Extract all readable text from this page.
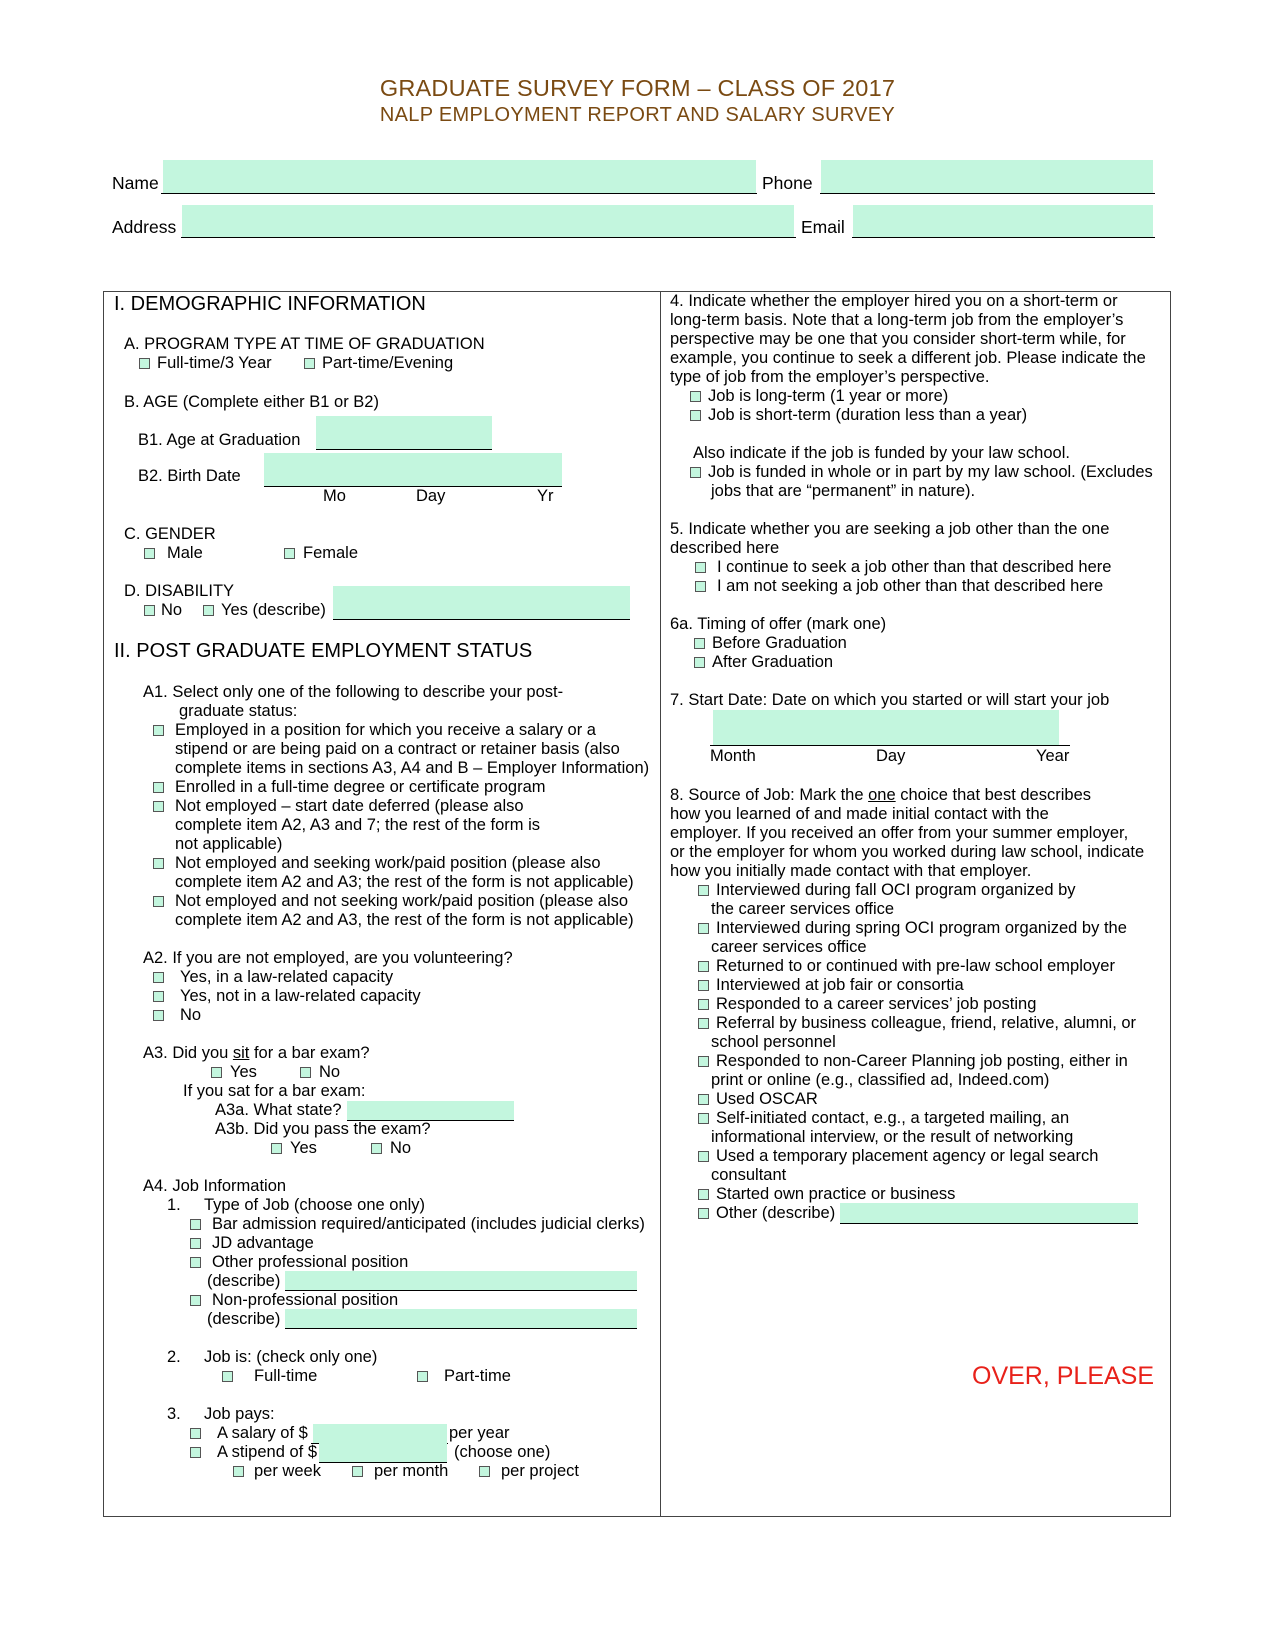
GRADUATE SURVEY FORM – CLASS OF 2017
NALP EMPLOYMENT REPORT AND SALARY SURVEY
Name	Phone
Address	Email
I. DEMOGRAPHIC INFORMATION
A. PROGRAM TYPE AT TIME OF GRADUATION
Full-time/3 Year	Part-time/Evening
B. AGE (Complete either B1 or B2)
B1. Age at Graduation
B2. Birth Date
Mo	Day	Yr
C. GENDER
Male	Female
D. DISABILITY
No Yes (describe)
II. POST GRADUATE EMPLOYMENT STATUS
A1. Select only one of the following to describe your post-
graduate status:
Employed in a position for which you receive a salary or a
stipend or are being paid on a contract or retainer basis (also
complete items in sections A3, A4 and B – Employer Information)
Enrolled in a full-time degree or certificate program
Not employed – start date deferred (please also
complete item A2, A3 and 7; the rest of the form is
not applicable)
Not employed and seeking work/paid position (please also
complete item A2 and A3; the rest of the form is not applicable)
Not employed and not seeking work/paid position (please also
complete item A2 and A3, the rest of the form is not applicable)
A2. If you are not employed, are you volunteering?
Yes, in a law-related capacity
Yes, not in a law-related capacity
No
A3. Did you sit for a bar exam?
Yes	No
If you sat for a bar exam:
A3a. What state?
A3b. Did you pass the exam?
Yes	No
A4. Job Information
1. Type of Job (choose one only)
Bar admission required/anticipated (includes judicial clerks)
JD advantage
Other professional position
(describe)
Non-professional position
(describe)
2. Job is: (check only one)
Full-time	Part-time
3. Job pays:
A salary of $	per year
A stipend of $	(choose one)
per week	per month	per project
4. Indicate whether the employer hired you on a short-term or
long-term basis. Note that a long-term job from the employer’s
perspective may be one that you consider short-term while, for
example, you continue to seek a different job. Please indicate the
type of job from the employer’s perspective.
Job is long-term (1 year or more)
Job is short-term (duration less than a year)
Also indicate if the job is funded by your law school.
Job is funded in whole or in part by my law school. (Excludes
jobs that are “permanent” in nature).
5. Indicate whether you are seeking a job other than the one
described here
I continue to seek a job other than that described here
I am not seeking a job other than that described here
6a. Timing of offer (mark one)
Before Graduation
After Graduation
7. Start Date: Date on which you started or will start your job
Month	Day	Year
8. Source of Job: Mark the one choice that best describes
how you learned of and made initial contact with the
employer. If you received an offer from your summer employer,
or the employer for whom you worked during law school, indicate
how you initially made contact with that employer.
Interviewed during fall OCI program organized by
the career services office
Interviewed during spring OCI program organized by the
career services office
Returned to or continued with pre-law school employer
Interviewed at job fair or consortia
Responded to a career services’ job posting
Referral by business colleague, friend, relative, alumni, or
school personnel
Responded to non-Career Planning job posting, either in
print or online (e.g., classified ad, Indeed.com)
Used OSCAR
Self-initiated contact, e.g., a targeted mailing, an
informational interview, or the result of networking
Used a temporary placement agency or legal search
consultant
Started own practice or business
Other (describe)
OVER, PLEASE
